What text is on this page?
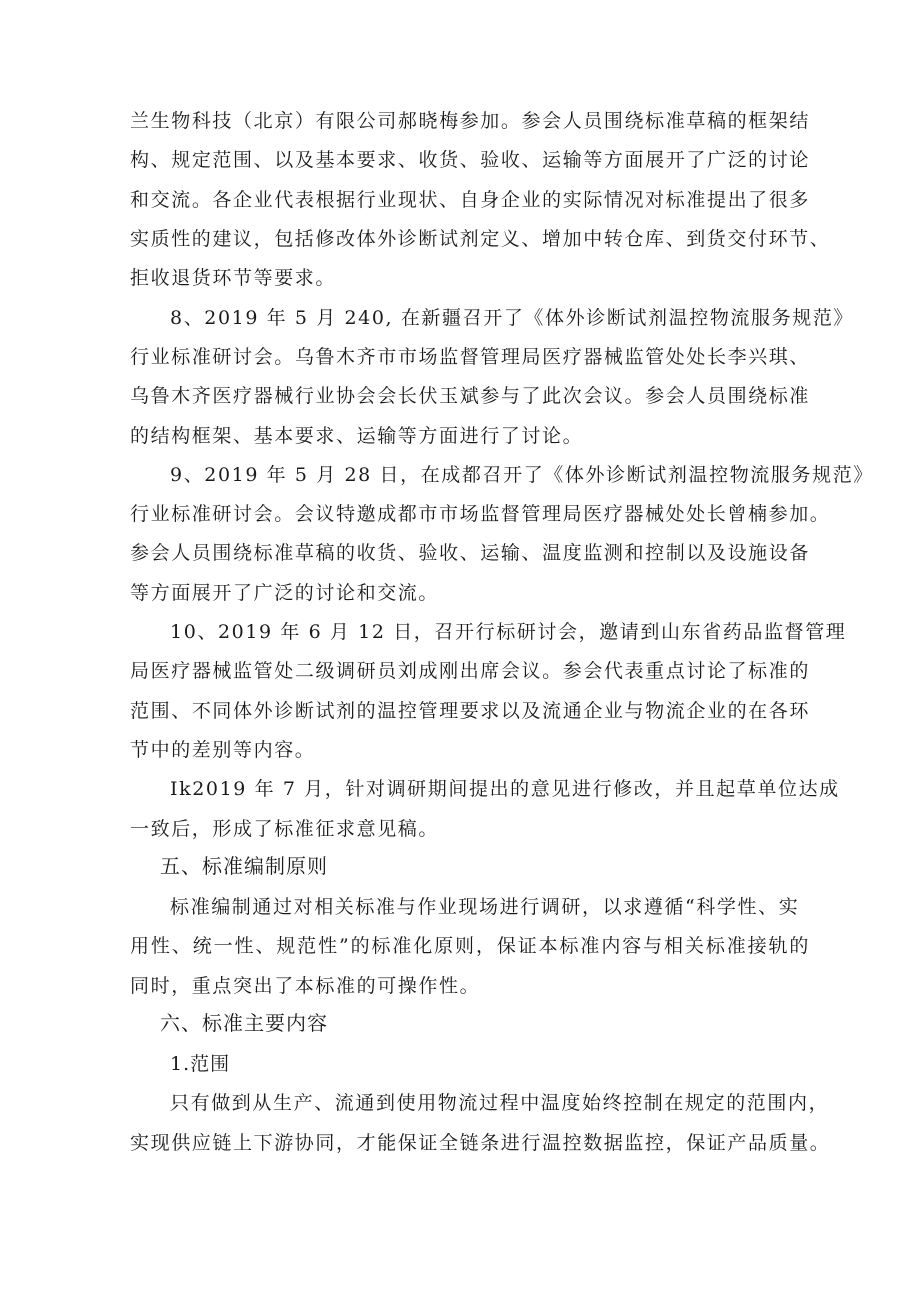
兰生物科技（北京）有限公司郝晓梅参加。参会人员围绕标准草稿的框架结
构、规定范围、以及基本要求、收货、验收、运输等方面展开了广泛的讨论
和交流。各企业代表根据行业现状、自身企业的实际情况对标准提出了很多
实质性的建议，包括修改体外诊断试剂定义、增加中转仓库、到货交付环节、
拒收退货环节等要求。
8、2019 年 5 月 240, 在新疆召开了《体外诊断试剂温控物流服务规范》
行业标准研讨会。乌鲁木齐市市场监督管理局医疗器械监管处处长李兴琪、
乌鲁木齐医疗器械行业协会会长伏玉斌参与了此次会议。参会人员围绕标准
的结构框架、基本要求、运输等方面进行了讨论。
9、2019 年 5 月 28 日，在成都召开了《体外诊断试剂温控物流服务规范》
行业标准研讨会。会议特邀成都市市场监督管理局医疗器械处处长曾楠参加。
参会人员围绕标准草稿的收货、验收、运输、温度监测和控制以及设施设备
等方面展开了广泛的讨论和交流。
10、2019 年 6 月 12 日，召开行标研讨会，邀请到山东省药品监督管理
局医疗器械监管处二级调研员刘成刚出席会议。参会代表重点讨论了标准的
范围、不同体外诊断试剂的温控管理要求以及流通企业与物流企业的在各环
节中的差别等内容。
Ik2019 年 7 月，针对调研期间提出的意见进行修改，并且起草单位达成
一致后，形成了标准征求意见稿。
五、标准编制原则
标准编制通过对相关标准与作业现场进行调研，以求遵循“科学性、实
用性、统一性、规范性”的标准化原则，保证本标准内容与相关标准接轨的
同时，重点突出了本标准的可操作性。
六、标准主要内容
1.范围
只有做到从生产、流通到使用物流过程中温度始终控制在规定的范围内，
实现供应链上下游协同，才能保证全链条进行温控数据监控，保证产品质量。
